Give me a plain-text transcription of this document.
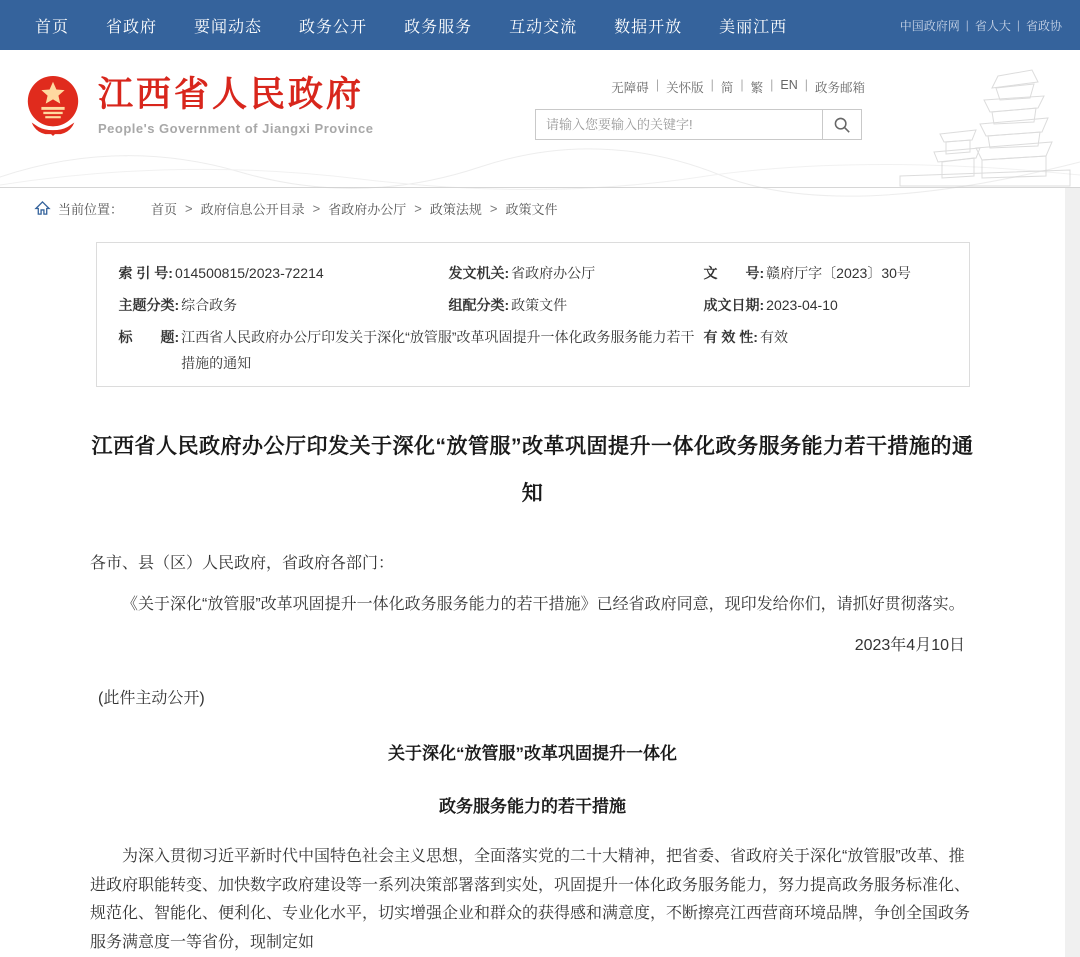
首页 省政府 要闻动态 政务公开 政务服务 互动交流 数据开放 美丽江西	中国政府网 | 省人大 | 省政协
江西省人民政府
People's Government of Jiangxi Province
无障碍 | 关怀版 | 简 | 繁 | EN | 政务邮箱
请输入您要输入的关键字!
当前位置： 首页 > 政府信息公开目录 > 省政府办公厅 > 政策法规 > 政策文件
索 引 号: 014500815/2023-72214	发文机关: 省政府办公厅	文　　号: 赣府厅字〔2023〕30号
主题分类: 综合政务	组配分类: 政策文件	成文日期: 2023-04-10
标　　题: 江西省人民政府办公厅印发关于深化“放管服”改革巩固提升一体化政务服务能力若干措施的通知
有 效 性: 有效
江西省人民政府办公厅印发关于深化“放管服”改革巩固提升一体化政务服务能力若干措施的通知

各市、县（区）人民政府，省政府各部门：

《关于深化“放管服”改革巩固提升一体化政务服务能力的若干措施》已经省政府同意，现印发给你们，请抓好贯彻落实。

2023年4月10日

(此件主动公开)

关于深化“放管服”改革巩固提升一体化

政务服务能力的若干措施

为深入贯彻习近平新时代中国特色社会主义思想，全面落实党的二十大精神，把省委、省政府关于深化“放管服”改革、推进政府职能转变、加快数字政府建设等一系列决策部署落到实处，巩固提升一体化政务服务能力，努力提高政务服务标准化、规范化、智能化、便利化、专业化水平，切实增强企业和群众的获得感和满意度，不断擦亮江西营商环境品牌，争创全国政务服务满意度一等省份，现制定如
